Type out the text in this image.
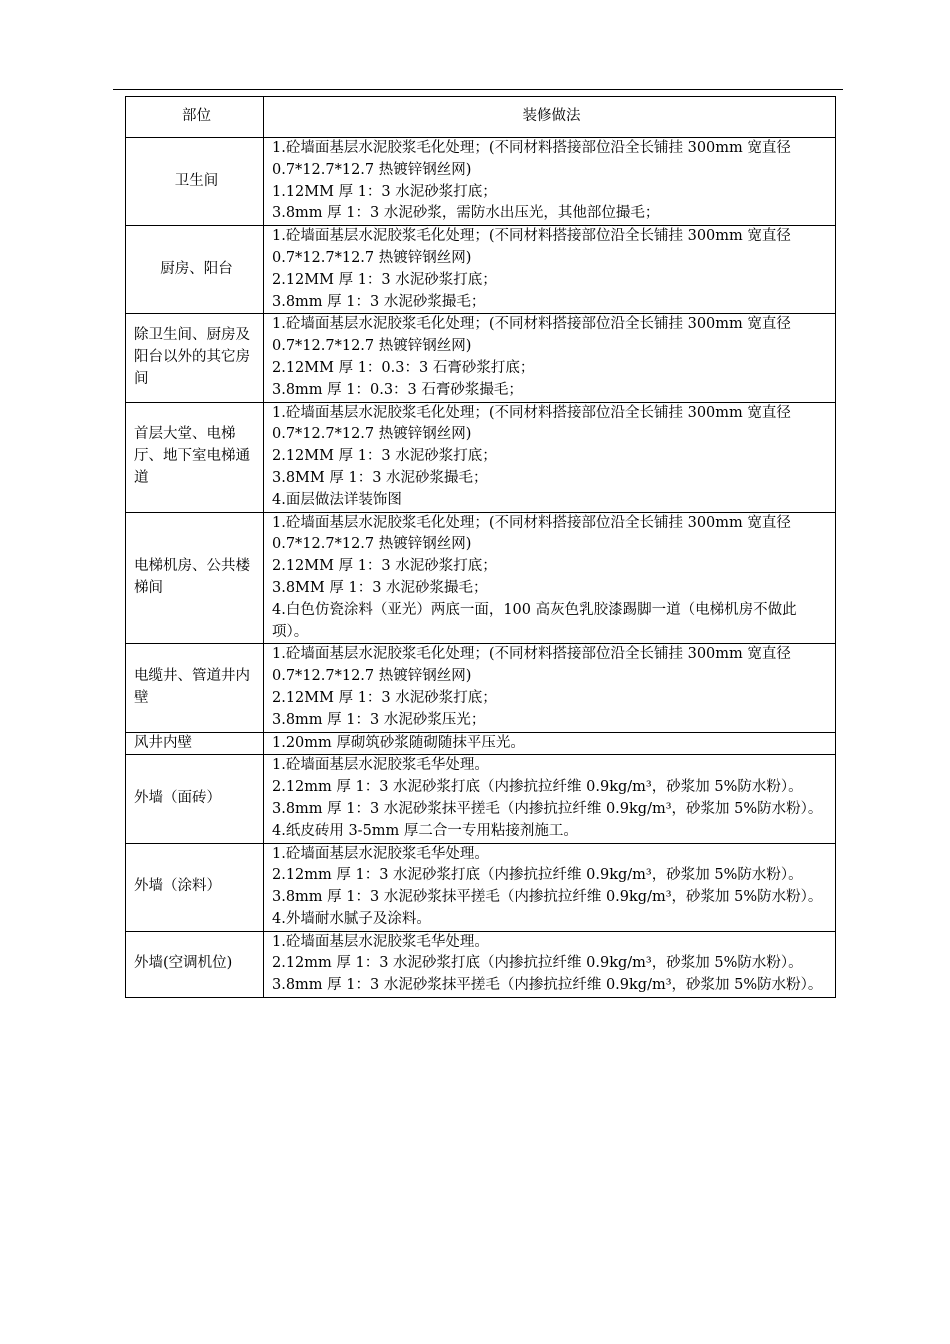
部位	装修做法
卫生间	1.砼墙面基层水泥胶浆毛化处理；(不同材料搭接部位沿全长铺挂 300mm 宽直径 0.7*12.7*12.7 热镀锌钢丝网)
1.12MM 厚 1：3 水泥砂浆打底；
3.8mm 厚 1：3 水泥砂浆，需防水出压光，其他部位撮毛；

厨房、阳台	1.砼墙面基层水泥胶浆毛化处理；(不同材料搭接部位沿全长铺挂 300mm 宽直径 0.7*12.7*12.7 热镀锌钢丝网)
2.12MM 厚 1：3 水泥砂浆打底；
3.8mm 厚 1：3 水泥砂浆撮毛；

除卫生间、厨房及阳台以外的其它房间	1.砼墙面基层水泥胶浆毛化处理；(不同材料搭接部位沿全长铺挂 300mm 宽直径 0.7*12.7*12.7 热镀锌钢丝网)
2.12MM 厚 1：0.3：3 石膏砂浆打底；
3.8mm 厚 1：0.3：3 石膏砂浆撮毛；

首层大堂、电梯厅、地下室电梯通道	1.砼墙面基层水泥胶浆毛化处理；(不同材料搭接部位沿全长铺挂 300mm 宽直径 0.7*12.7*12.7 热镀锌钢丝网)
2.12MM 厚 1：3 水泥砂浆打底；
3.8MM 厚 1：3 水泥砂浆撮毛；
4.面层做法详装饰图

电梯机房、公共楼梯间	1.砼墙面基层水泥胶浆毛化处理；(不同材料搭接部位沿全长铺挂 300mm 宽直径 0.7*12.7*12.7 热镀锌钢丝网)
2.12MM 厚 1：3 水泥砂浆打底；
3.8MM 厚 1：3 水泥砂浆撮毛；
4.白色仿瓷涂料（亚光）两底一面，100 高灰色乳胶漆踢脚一道（电梯机房不做此项）。

电缆井、管道井内壁	1.砼墙面基层水泥胶浆毛化处理；(不同材料搭接部位沿全长铺挂 300mm 宽直径 0.7*12.7*12.7 热镀锌钢丝网)
2.12MM 厚 1：3 水泥砂浆打底；
3.8mm 厚 1：3 水泥砂浆压光；

风井内壁	1.20mm 厚砌筑砂浆随砌随抹平压光。

外墙（面砖）	1.砼墙面基层水泥胶浆毛华处理。
2.12mm 厚 1：3 水泥砂浆打底（内掺抗拉纤维 0.9kg/m³，砂浆加 5%防水粉）。
3.8mm 厚 1：3 水泥砂浆抹平搓毛（内掺抗拉纤维 0.9kg/m³，砂浆加 5%防水粉）。
4.纸皮砖用 3-5mm 厚二合一专用粘接剂施工。

外墙（涂料）	1.砼墙面基层水泥胶浆毛华处理。
2.12mm 厚 1：3 水泥砂浆打底（内掺抗拉纤维 0.9kg/m³，砂浆加 5%防水粉）。
3.8mm 厚 1：3 水泥砂浆抹平搓毛（内掺抗拉纤维 0.9kg/m³，砂浆加 5%防水粉）。
4.外墙耐水腻子及涂料。

外墙(空调机位)	1.砼墙面基层水泥胶浆毛华处理。
2.12mm 厚 1：3 水泥砂浆打底（内掺抗拉纤维 0.9kg/m³，砂浆加 5%防水粉）。
3.8mm 厚 1：3 水泥砂浆抹平搓毛（内掺抗拉纤维 0.9kg/m³，砂浆加 5%防水粉）。
